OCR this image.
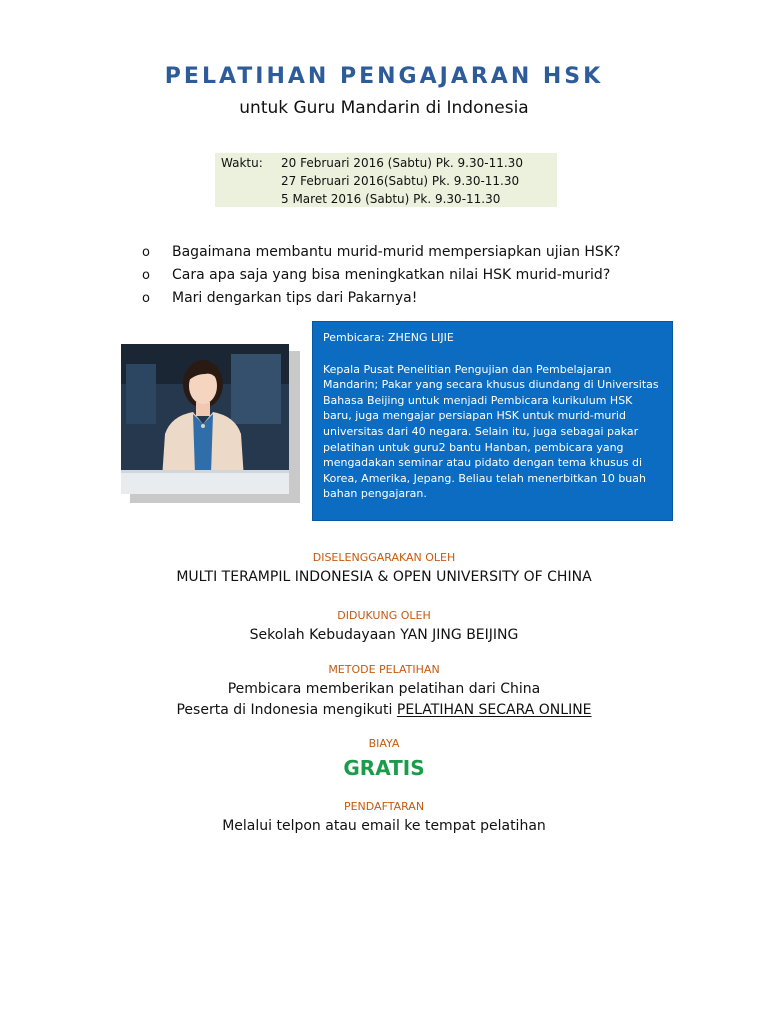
PELATIHAN PENGAJARAN HSK
untuk Guru Mandarin di Indonesia
Waktu: 20 Februari 2016 (Sabtu) Pk. 9.30-11.30
27 Februari 2016(Sabtu) Pk. 9.30-11.30
5 Maret 2016 (Sabtu) Pk. 9.30-11.30
o Bagaimana membantu murid-murid mempersiapkan ujian HSK?
o Cara apa saja yang bisa meningkatkan nilai HSK murid-murid?
o Mari dengarkan tips dari Pakarnya!
Pembicara: ZHENG LIJIE
Kepala Pusat Penelitian Pengujian dan Pembelajaran Mandarin; Pakar yang secara khusus diundang di Universitas Bahasa Beijing untuk menjadi Pembicara kurikulum HSK baru, juga mengajar persiapan HSK untuk murid-murid universitas dari 40 negara. Selain itu, juga sebagai pakar pelatihan untuk guru2 bantu Hanban, pembicara yang mengadakan seminar atau pidato dengan tema khusus di Korea, Amerika, Jepang. Beliau telah menerbitkan 10 buah bahan pengajaran.
DISELENGGARAKAN OLEH
MULTI TERAMPIL INDONESIA & OPEN UNIVERSITY OF CHINA
DIDUKUNG OLEH
Sekolah Kebudayaan YAN JING BEIJING
METODE PELATIHAN
Pembicara memberikan pelatihan dari China
Peserta di Indonesia mengikuti PELATIHAN SECARA ONLINE
BIAYA
GRATIS
PENDAFTARAN
Melalui telpon atau email ke tempat pelatihan
